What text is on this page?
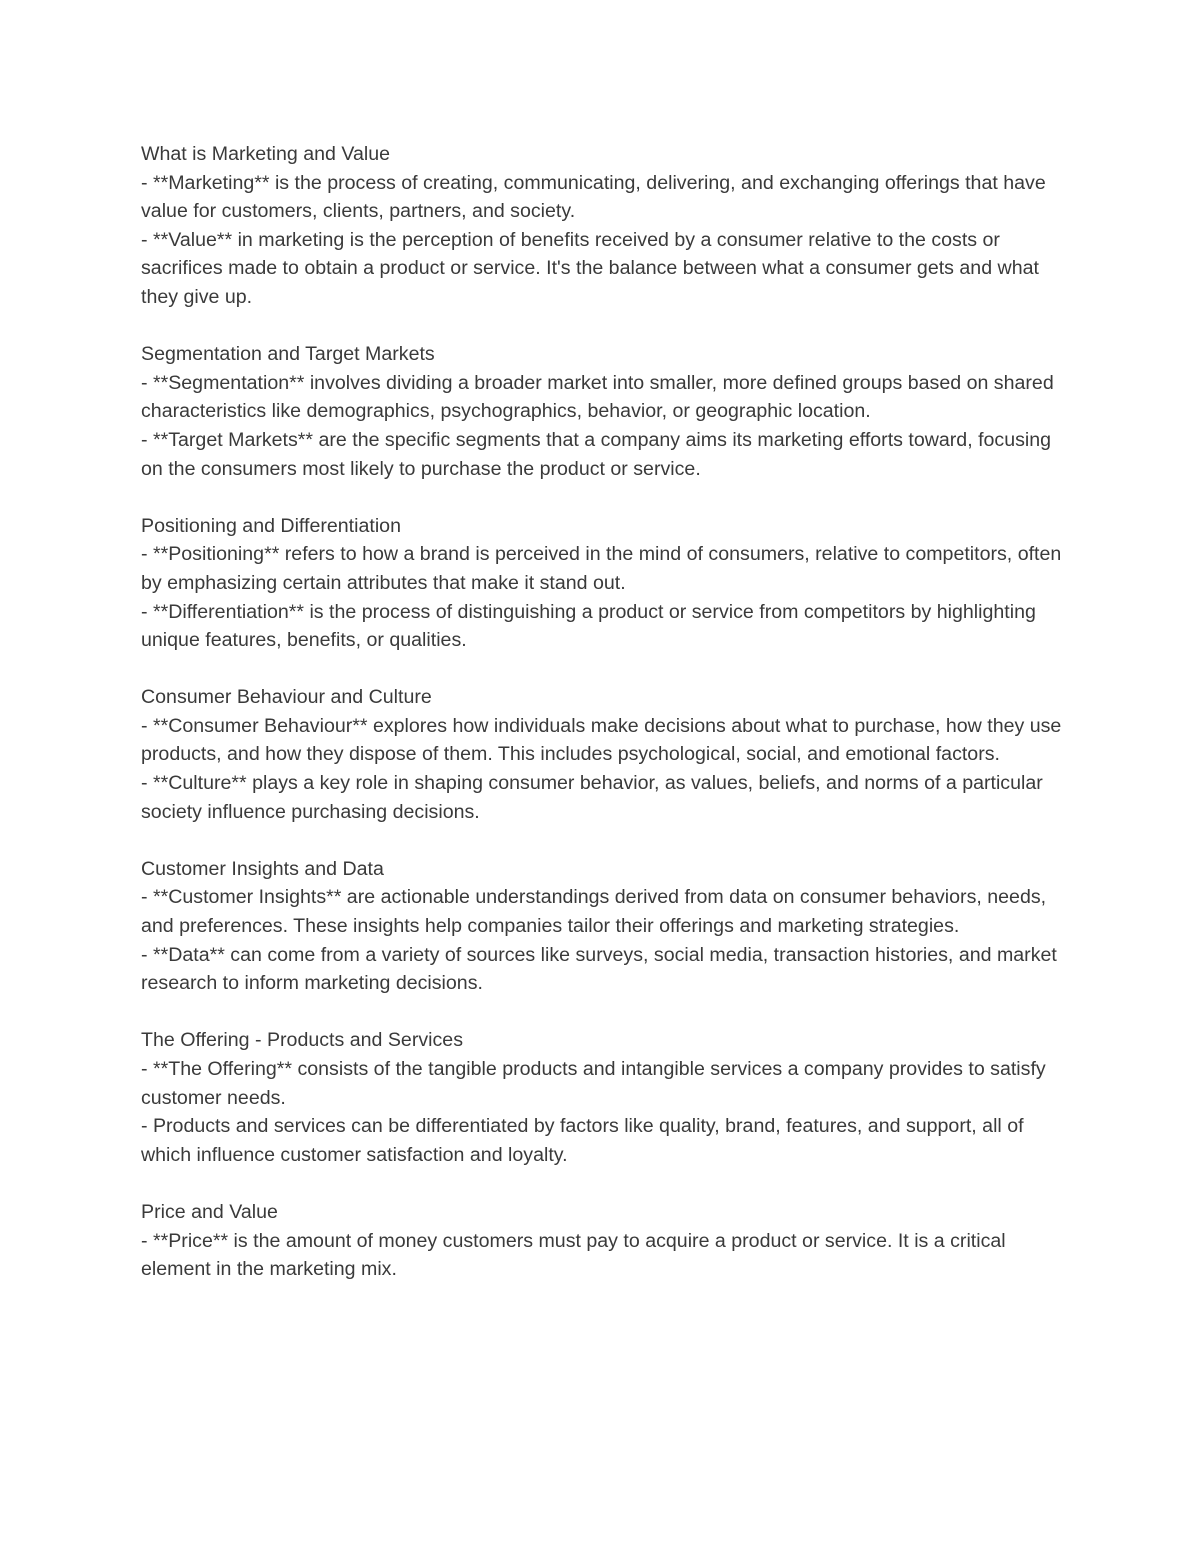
What is Marketing and Value

- **Marketing** is the process of creating, communicating, delivering, and exchanging offerings that have value for customers, clients, partners, and society.

- **Value** in marketing is the perception of benefits received by a consumer relative to the costs or sacrifices made to obtain a product or service. It's the balance between what a consumer gets and what they give up.

Segmentation and Target Markets

- **Segmentation** involves dividing a broader market into smaller, more defined groups based on shared characteristics like demographics, psychographics, behavior, or geographic location.

- **Target Markets** are the specific segments that a company aims its marketing efforts toward, focusing on the consumers most likely to purchase the product or service.

Positioning and Differentiation

- **Positioning** refers to how a brand is perceived in the mind of consumers, relative to competitors, often by emphasizing certain attributes that make it stand out.

- **Differentiation** is the process of distinguishing a product or service from competitors by highlighting unique features, benefits, or qualities.

Consumer Behaviour and Culture

- **Consumer Behaviour** explores how individuals make decisions about what to purchase, how they use products, and how they dispose of them. This includes psychological, social, and emotional factors.

- **Culture** plays a key role in shaping consumer behavior, as values, beliefs, and norms of a particular society influence purchasing decisions.

Customer Insights and Data

- **Customer Insights** are actionable understandings derived from data on consumer behaviors, needs, and preferences. These insights help companies tailor their offerings and marketing strategies.

- **Data** can come from a variety of sources like surveys, social media, transaction histories, and market research to inform marketing decisions.

The Offering - Products and Services

- **The Offering** consists of the tangible products and intangible services a company provides to satisfy customer needs.

- Products and services can be differentiated by factors like quality, brand, features, and support, all of which influence customer satisfaction and loyalty.

Price and Value

- **Price** is the amount of money customers must pay to acquire a product or service. It is a critical element in the marketing mix.
